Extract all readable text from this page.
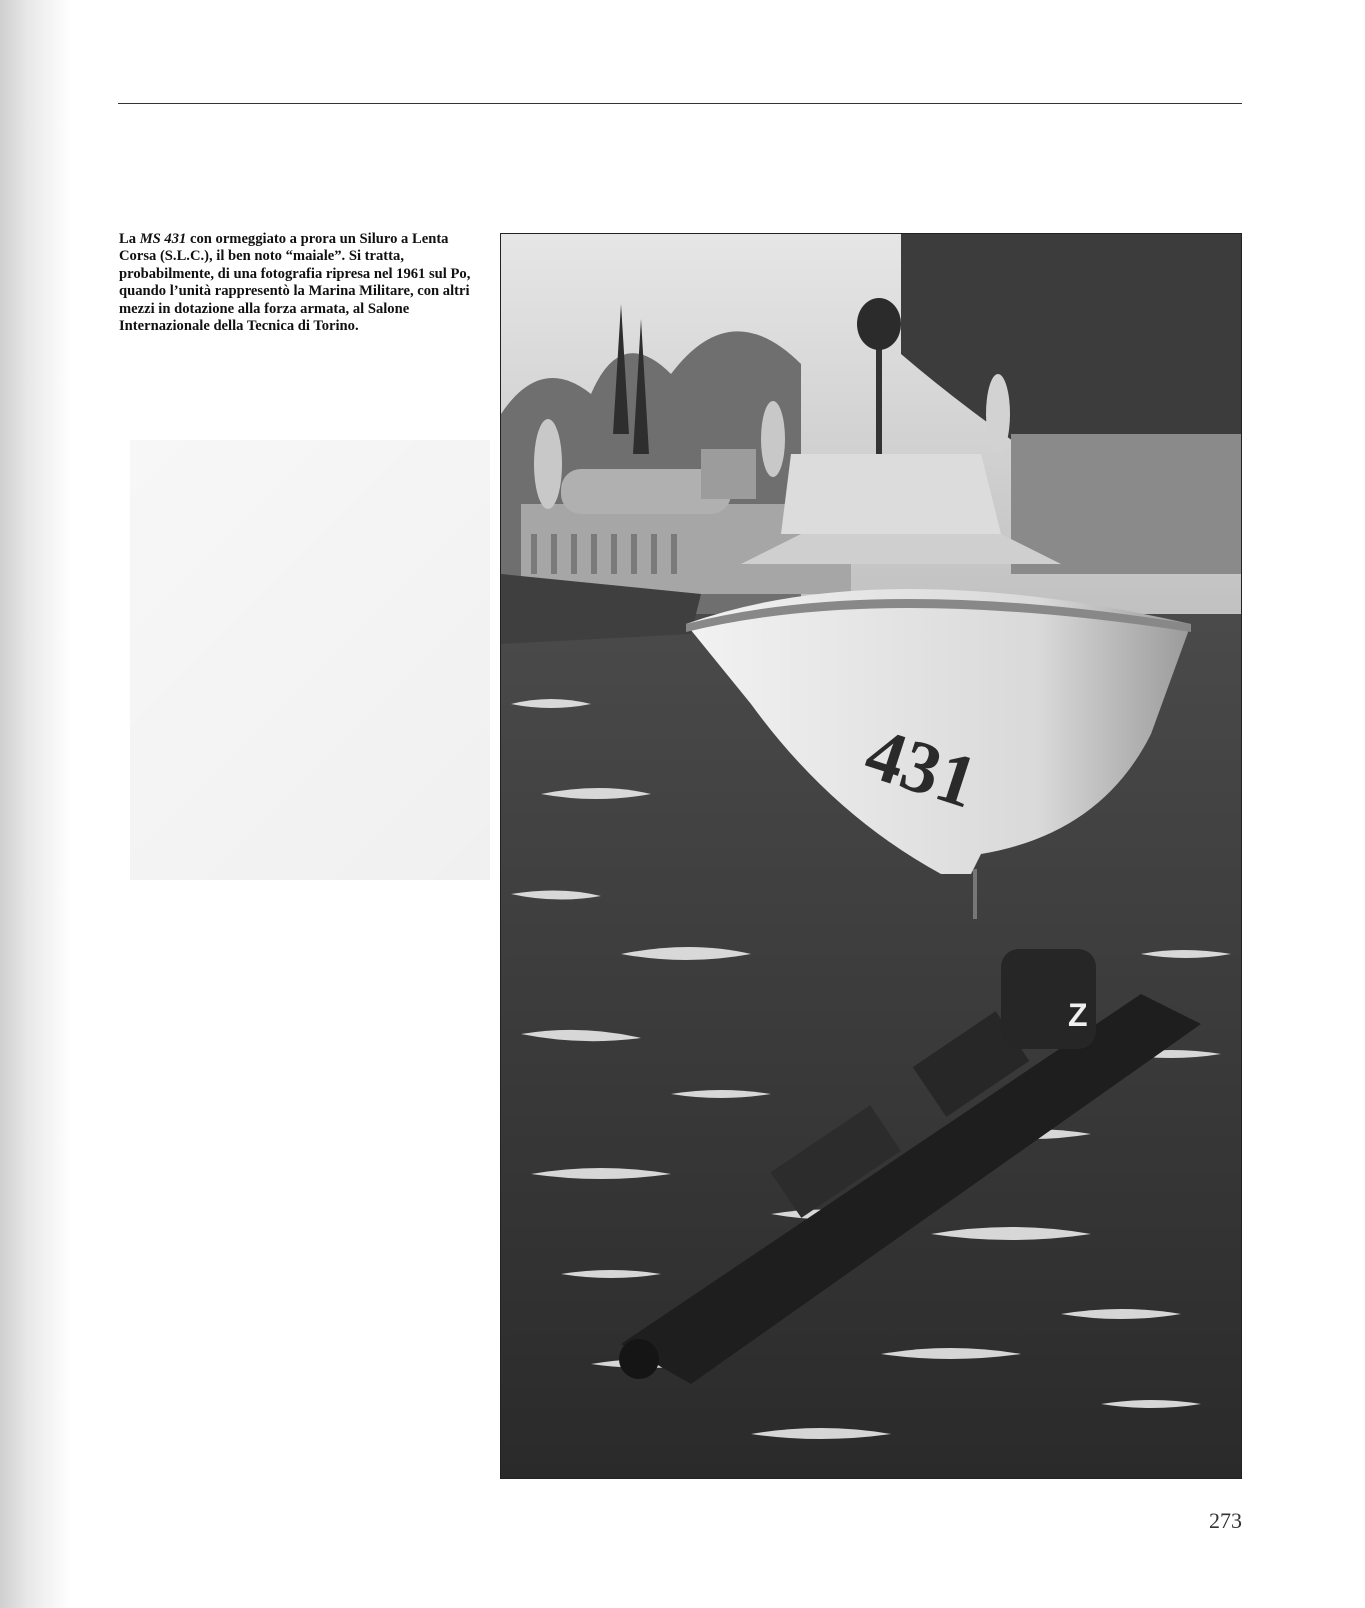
La MS 431 con ormeggiato a prora un Siluro a Lenta Corsa (S.L.C.), il ben noto “maiale”. Si tratta, probabilmente, di una fotografia ripresa nel 1961 sul Po, quando l’unità rappresentò la Marina Militare, con altri mezzi in dotazione alla forza armata, al Salone Internazionale della Tecnica di Torino.

431
Z
273
